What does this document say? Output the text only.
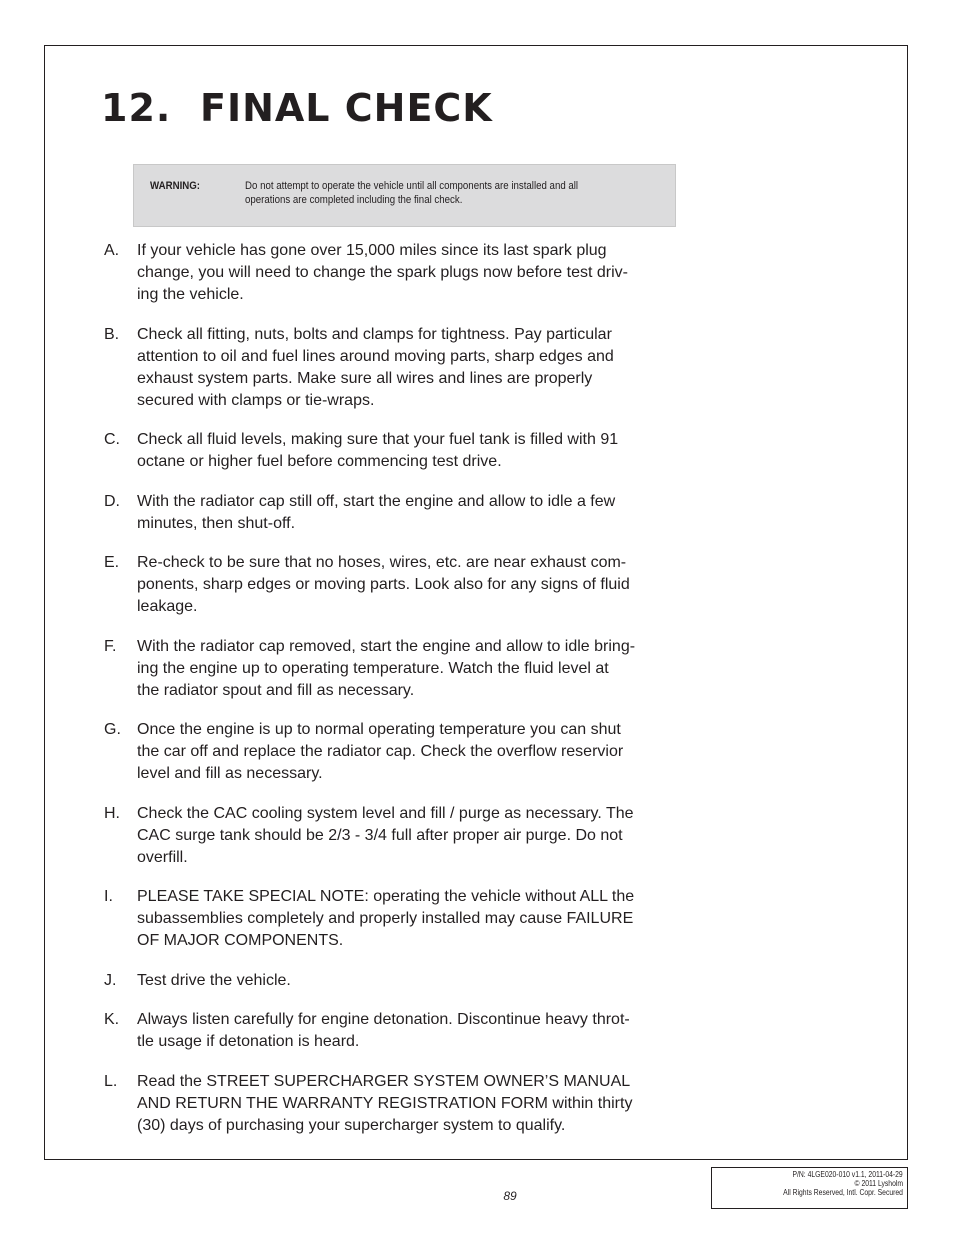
12. FINAL CHECK
WARNING:	Do not attempt to operate the vehicle until all components are installed and all
operations are completed including the final check.
A. If your vehicle has gone over 15,000 miles since its last spark plug
change, you will need to change the spark plugs now before test driv-
ing the vehicle.
B. Check all fitting, nuts, bolts and clamps for tightness. Pay particular
attention to oil and fuel lines around moving parts, sharp edges and
exhaust system parts. Make sure all wires and lines are properly
secured with clamps or tie-wraps.
C. Check all fluid levels, making sure that your fuel tank is filled with 91
octane or higher fuel before commencing test drive.
D. With the radiator cap still off, start the engine and allow to idle a few
minutes, then shut-off.
E. Re-check to be sure that no hoses, wires, etc. are near exhaust com-
ponents, sharp edges or moving parts. Look also for any signs of fluid
leakage.
F. With the radiator cap removed, start the engine and allow to idle bring-
ing the engine up to operating temperature. Watch the fluid level at
the radiator spout and fill as necessary.
G. Once the engine is up to normal operating temperature you can shut
the car off and replace the radiator cap. Check the overflow reservior
level and fill as necessary.
H. Check the CAC cooling system level and fill / purge as necessary. The
CAC surge tank should be 2/3 - 3/4 full after proper air purge. Do not
overfill.
I. PLEASE TAKE SPECIAL NOTE: operating the vehicle without ALL the
subassemblies completely and properly installed may cause FAILURE
OF MAJOR COMPONENTS.
J. Test drive the vehicle.
K. Always listen carefully for engine detonation. Discontinue heavy throt-
tle usage if detonation is heard.
L. Read the STREET SUPERCHARGER SYSTEM OWNER’S MANUAL
AND RETURN THE WARRANTY REGISTRATION FORM within thirty
(30) days of purchasing your supercharger system to qualify.
89
P/N: 4LGE020-010 v1.1, 2011-04-29
© 2011 Lysholm
All Rights Reserved, Intl. Copr. Secured
